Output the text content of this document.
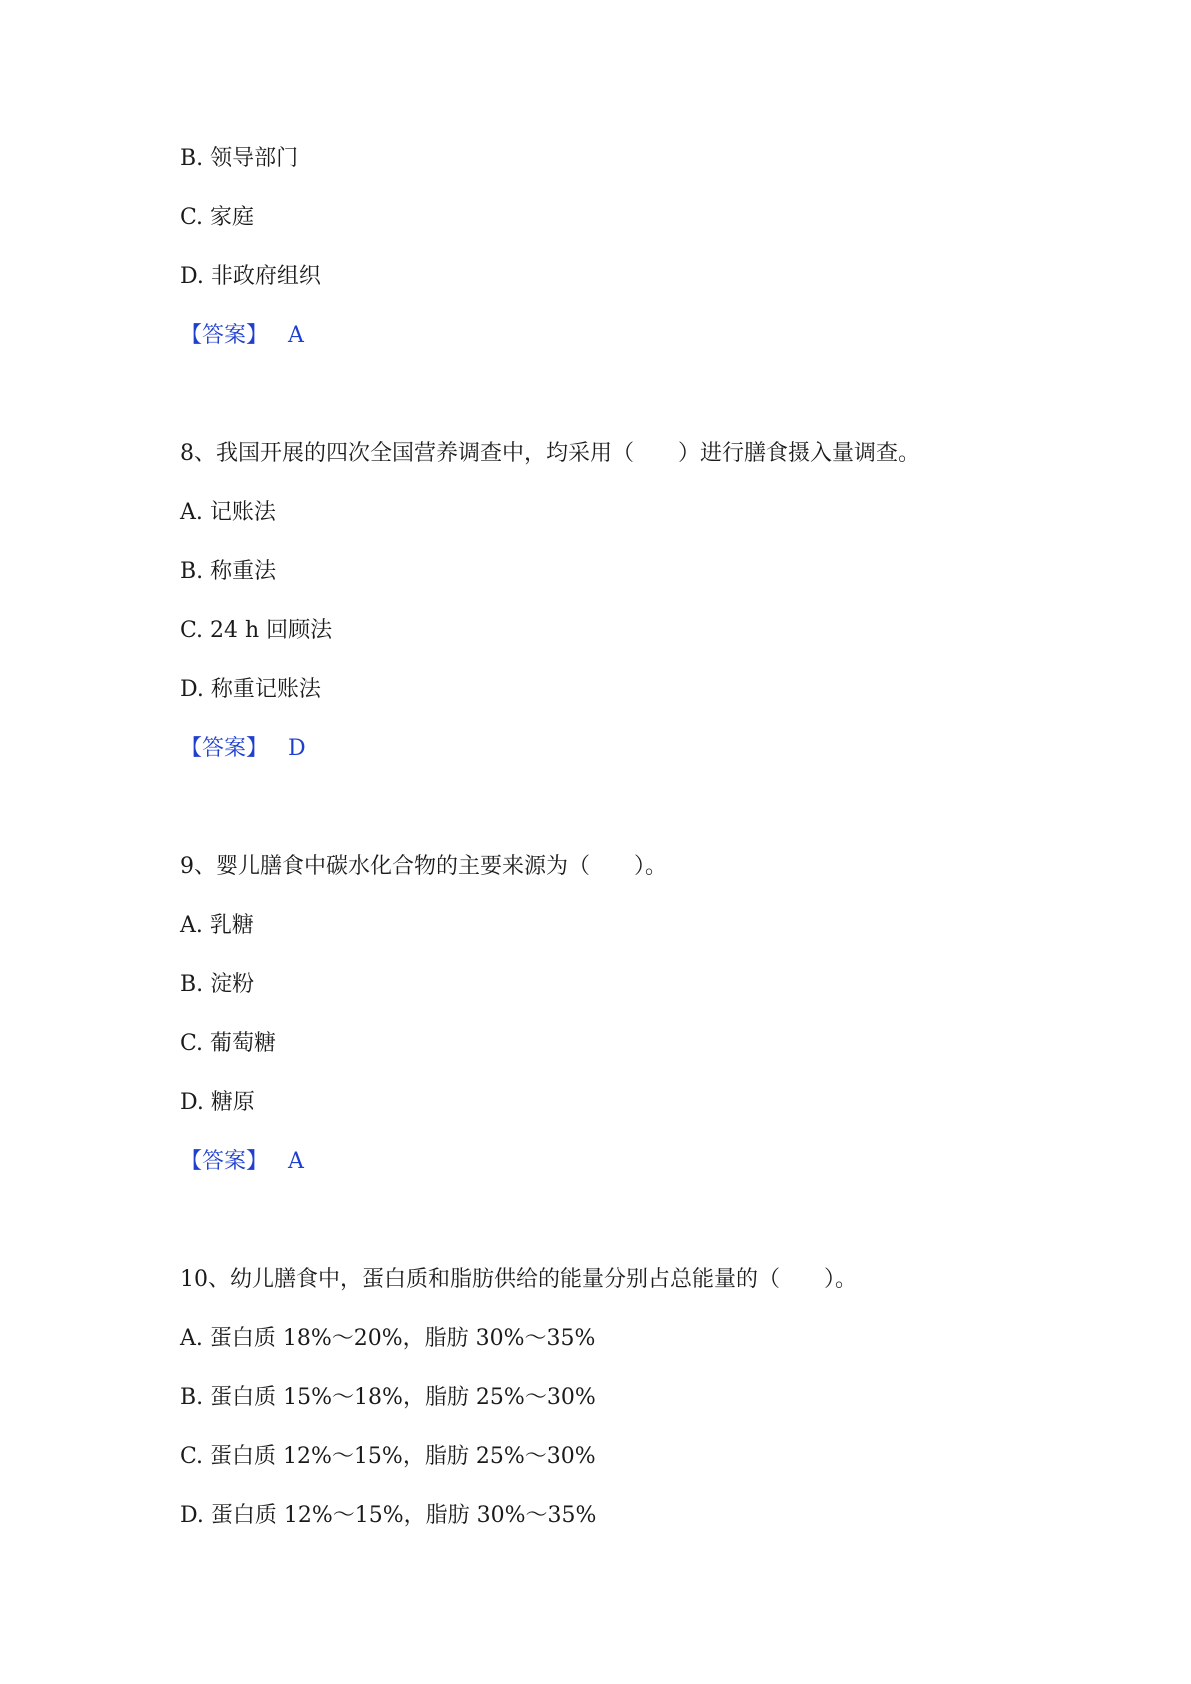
B. 领导部门
C. 家庭
D. 非政府组织
【答案】 A
8、我国开展的四次全国营养调查中，均采用（　　）进行膳食摄入量调查。
A. 记账法
B. 称重法
C. 24 h 回顾法
D. 称重记账法
【答案】 D
9、婴儿膳食中碳水化合物的主要来源为（　　）。
A. 乳糖
B. 淀粉
C. 葡萄糖
D. 糖原
【答案】 A
10、幼儿膳食中，蛋白质和脂肪供给的能量分别占总能量的（　　）。
A. 蛋白质 18%～20%，脂肪 30%～35%
B. 蛋白质 15%～18%，脂肪 25%～30%
C. 蛋白质 12%～15%，脂肪 25%～30%
D. 蛋白质 12%～15%，脂肪 30%～35%
